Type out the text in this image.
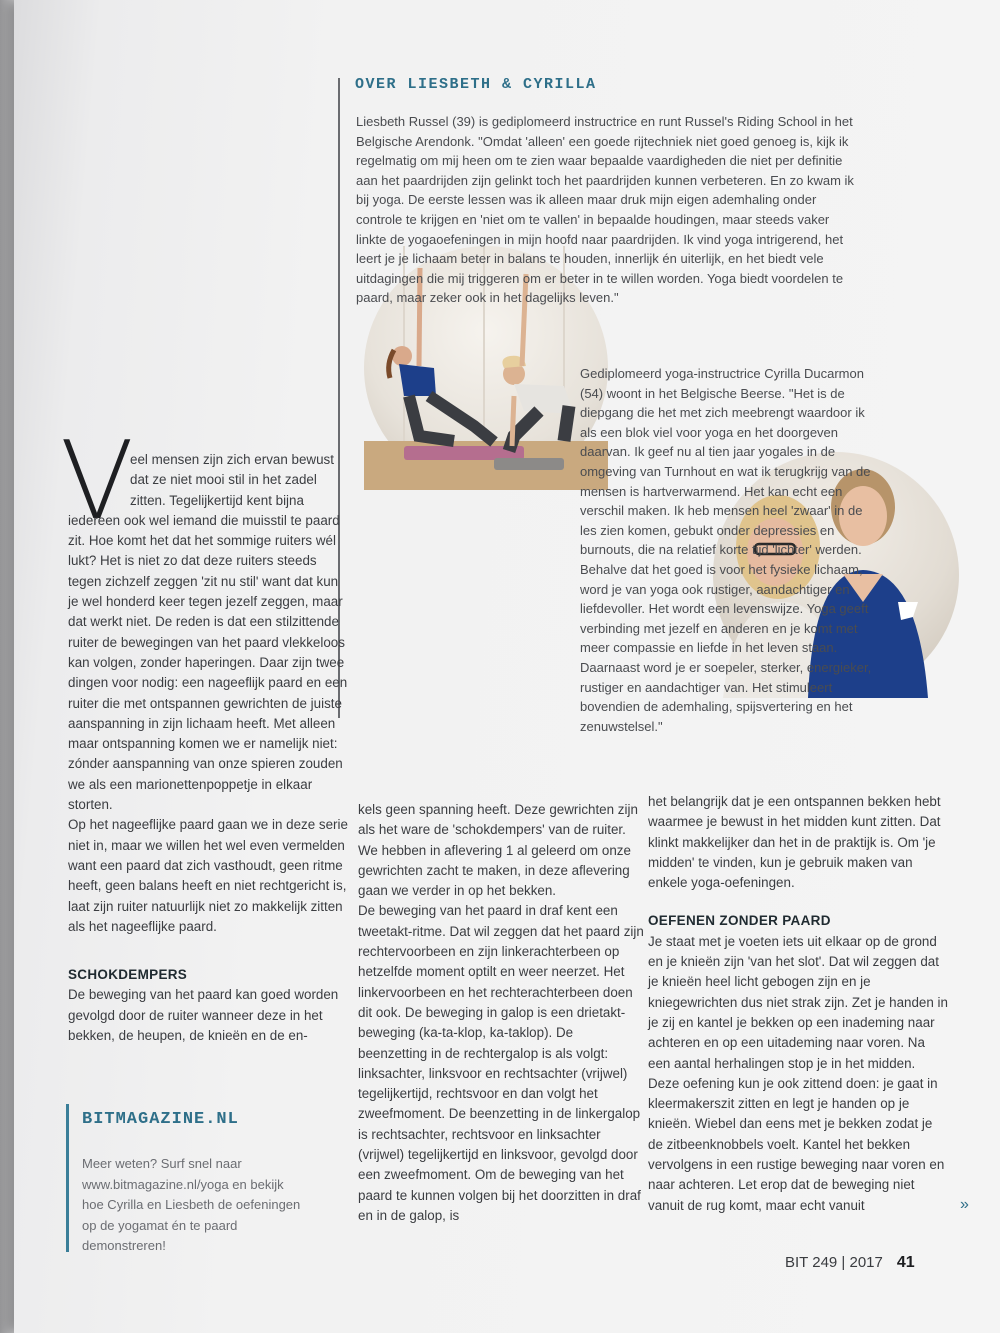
OVER LIESBETH & CYRILLA

Liesbeth Russel (39) is gediplomeerd instructrice en runt Russel's Riding School in het Belgische Arendonk. "Omdat 'alleen' een goede rijtechniek niet goed genoeg is, kijk ik regelmatig om mij heen om te zien waar bepaalde vaardigheden die niet per definitie aan het paardrijden zijn gelinkt toch het paardrijden kunnen verbeteren. En zo kwam ik bij yoga. De eerste lessen was ik alleen maar druk mijn eigen ademhaling onder controle te krijgen en 'niet om te vallen' in bepaalde houdingen, maar steeds vaker linkte de yogaoefeningen in mijn hoofd naar paardrijden. Ik vind yoga intrigerend, het leert je je lichaam beter in balans te houden, innerlijk én uiterlijk, en het biedt vele uitdagingen die mij triggeren om er beter in te willen worden. Yoga biedt voordelen te paard, maar zeker ook in het dagelijks leven."

V

eel mensen zijn zich ervan bewust dat ze niet mooi stil in het zadel zitten. Tegelijkertijd kent bijna iedereen ook wel iemand die muisstil te paard zit. Hoe komt het dat het sommige ruiters wél lukt? Het is niet zo dat deze ruiters steeds tegen zichzelf zeggen 'zit nu stil' want dat kun je wel honderd keer tegen jezelf zeggen, maar dat werkt niet. De reden is dat een stilzittende ruiter de bewegingen van het paard vlekkeloos kan volgen, zonder haperingen. Daar zijn twee dingen voor nodig: een nageeflijk paard en een ruiter die met ontspannen gewrichten de juiste aanspanning in zijn lichaam heeft. Met alleen maar ontspanning komen we er namelijk niet: zónder aanspanning van onze spieren zouden we als een marionettenpoppetje in elkaar storten.

Op het nageeflijke paard gaan we in deze serie niet in, maar we willen het wel even vermelden want een paard dat zich vasthoudt, geen ritme heeft, geen balans heeft en niet rechtgericht is, laat zijn ruiter natuurlijk niet zo makkelijk zitten als het nageeflijke paard.

SCHOKDEMPERS

De beweging van het paard kan goed worden gevolgd door de ruiter wanneer deze in het bekken, de heupen, de knieën en de en-

BITMAGAZINE.NL
Meer weten? Surf snel naar www.bitmagazine.nl/yoga en bekijk hoe Cyrilla en Liesbeth de oefeningen op de yogamat én te paard demonstreren!

kels geen spanning heeft. Deze gewrichten zijn als het ware de 'schokdempers' van de ruiter. We hebben in aflevering 1 al geleerd om onze gewrichten zacht te maken, in deze aflevering gaan we verder in op het bekken.

De beweging van het paard in draf kent een tweetakt-ritme. Dat wil zeggen dat het paard zijn rechtervoorbeen en zijn linkerachterbeen op hetzelfde moment optilt en weer neerzet. Het linkervoorbeen en het rechterachterbeen doen dit ook. De beweging in galop is een drietakt-beweging (ka-ta-klop, ka-taklop). De beenzetting in de rechtergalop is als volgt: linksachter, linksvoor en rechtsachter (vrijwel) tegelijkertijd, rechtsvoor en dan volgt het zweefmoment. De beenzetting in de linkergalop is rechtsachter, rechtsvoor en linksachter (vrijwel) tegelijkertijd en linksvoor, gevolgd door een zweefmoment. Om de beweging van het paard te kunnen volgen bij het doorzitten in draf en in de galop, is

het belangrijk dat je een ontspannen bekken hebt waarmee je bewust in het midden kunt zitten. Dat klinkt makkelijker dan het in de praktijk is. Om 'je midden' te vinden, kun je gebruik maken van enkele yoga-oefeningen.

OEFENEN ZONDER PAARD

Je staat met je voeten iets uit elkaar op de grond en je knieën zijn 'van het slot'. Dat wil zeggen dat je knieën heel licht gebogen zijn en je kniegewrichten dus niet strak zijn. Zet je handen in je zij en kantel je bekken op een inademing naar achteren en op een uitademing naar voren. Na een aantal herhalingen stop je in het midden. Deze oefening kun je ook zittend doen: je gaat in kleermakerszit zitten en legt je handen op je knieën. Wiebel dan eens met je bekken zodat je de zitbeenknobbels voelt. Kantel het bekken vervolgens in een rustige beweging naar voren en naar achteren. Let erop dat de beweging niet vanuit de rug komt, maar echt vanuit	»
BIT 249 | 2017 41

Gediplomeerd yoga-instructrice Cyrilla Ducarmon (54) woont in het Belgische Beerse. "Het is de diepgang die het met zich meebrengt waardoor ik als een blok viel voor yoga en het doorgeven daarvan. Ik geef nu al tien jaar yogales in de omgeving van Turnhout en wat ik terugkrijg van de mensen is hartverwarmend. Het kan echt een verschil maken. Ik heb mensen heel 'zwaar' in de les zien komen, gebukt onder depressies en burnouts, die na relatief korte tijd 'lichter' werden. Behalve dat het goed is voor het fysieke lichaam, word je van yoga ook rustiger, aandachtiger en liefdevoller. Het wordt een levenswijze. Yoga geeft verbinding met jezelf en anderen en je komt met meer compassie en liefde in het leven staan. Daarnaast word je er soepeler, sterker, energieker, rustiger en aandachtiger van. Het stimuleert bovendien de ademhaling, spijsvertering en het zenuwstelsel."
